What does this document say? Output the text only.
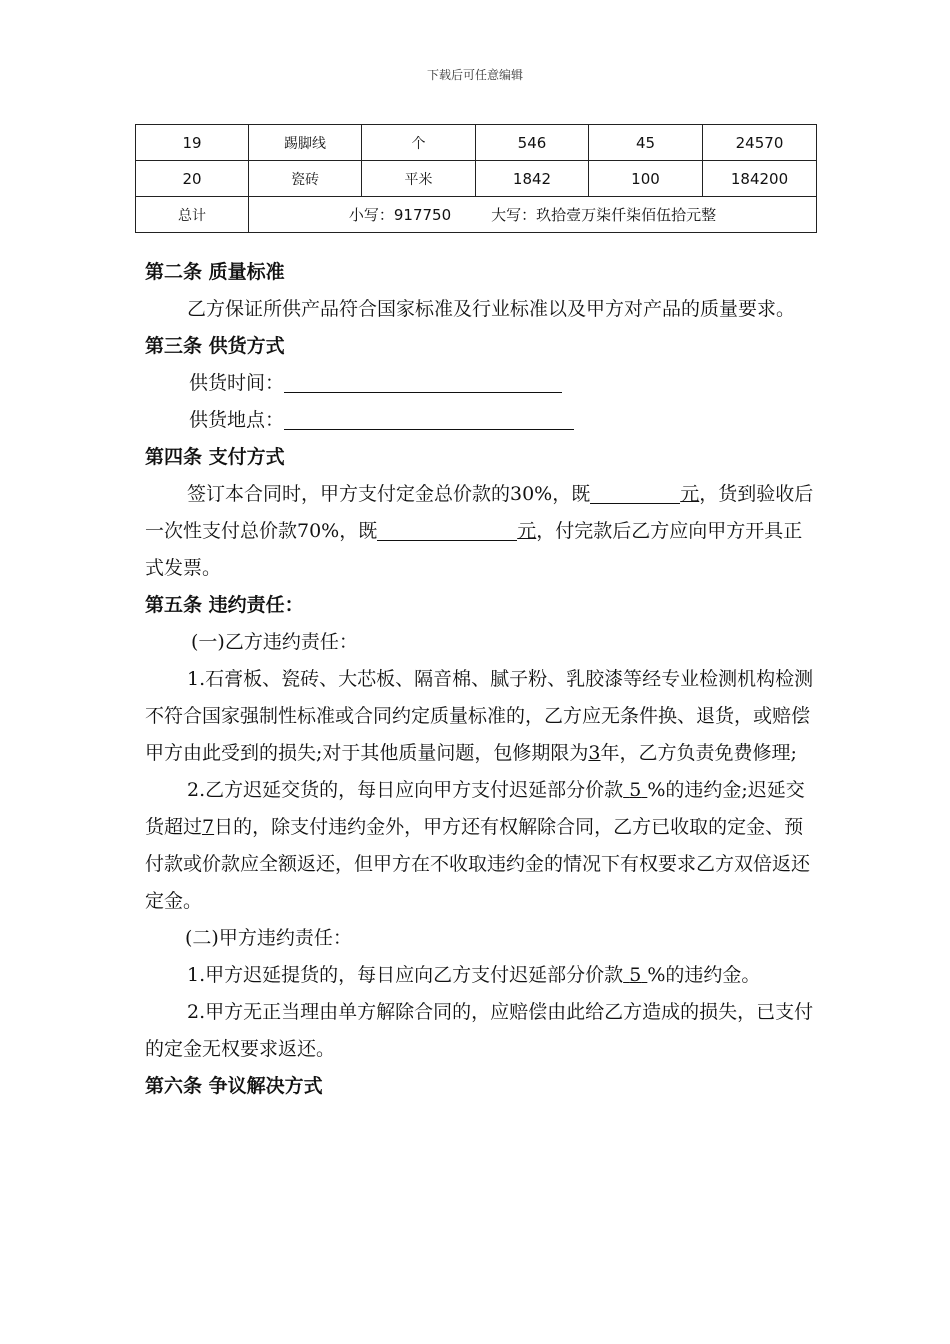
下载后可任意编辑
19	踢脚线	个	546	45	24570
20	瓷砖	平米	1842	100	184200
总计	小写：917750 大写：玖拾壹万柒仟柒佰伍拾元整				

第二条 质量标准

乙方保证所供产品符合国家标准及行业标准以及甲方对产品的质量要求。

第三条 供货方式

供货时间：

供货地点：

第四条 支付方式

签订本合同时，甲方支付定金总价款的30%，既	元，货到验收后一次性支付总价款70%，既	元，付完款后乙方应向甲方开具正式发票。

第五条 违约责任：

(一)乙方违约责任：

1.石膏板、瓷砖、大芯板、隔音棉、腻子粉、乳胶漆等经专业检测机构检测不符合国家强制性标准或合同约定质量标准的，乙方应无条件换、退货，或赔偿甲方由此受到的损失;对于其他质量问题，包修期限为3年，乙方负责免费修理;

2.乙方迟延交货的，每日应向甲方支付迟延部分价款 5 %的违约金;迟延交货超过7日的，除支付违约金外，甲方还有权解除合同，乙方已收取的定金、预付款或价款应全额返还，但甲方在不收取违约金的情况下有权要求乙方双倍返还定金。

(二)甲方违约责任：

1.甲方迟延提货的，每日应向乙方支付迟延部分价款 5 %的违约金。

2.甲方无正当理由单方解除合同的，应赔偿由此给乙方造成的损失，已支付的定金无权要求返还。

第六条 争议解决方式
